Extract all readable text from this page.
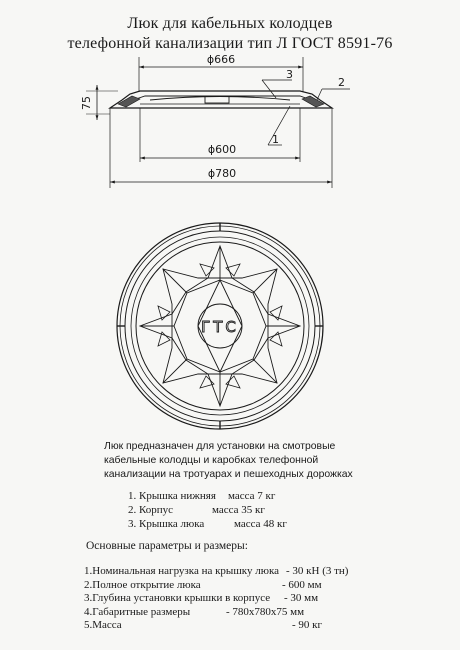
Люк для кабельных колодцев
телефонной канализации тип Л ГОСТ 8591-76
ϕ666
75
ϕ600
ϕ780
3
2
1
ГТС
Люк предназначен для установки на смотровые
кабельные колодцы и каробках телефонной
канализации на тротуарах и пешеходных дорожках
1. Крышка нижняя масса 7 кг
2. Корпус	масса 35 кг
3. Крышка люка	масса 48 кг
Основные параметры и размеры:
1.Номинальная нагрузка на крышку люка - 30 кН (3 тн)
2.Полное открытие люка	- 600 мм
3.Глубина установки крышки в корпусе - 30 мм
4.Габаритные размеры	- 780х780х75 мм
5.Масса	- 90 кг
